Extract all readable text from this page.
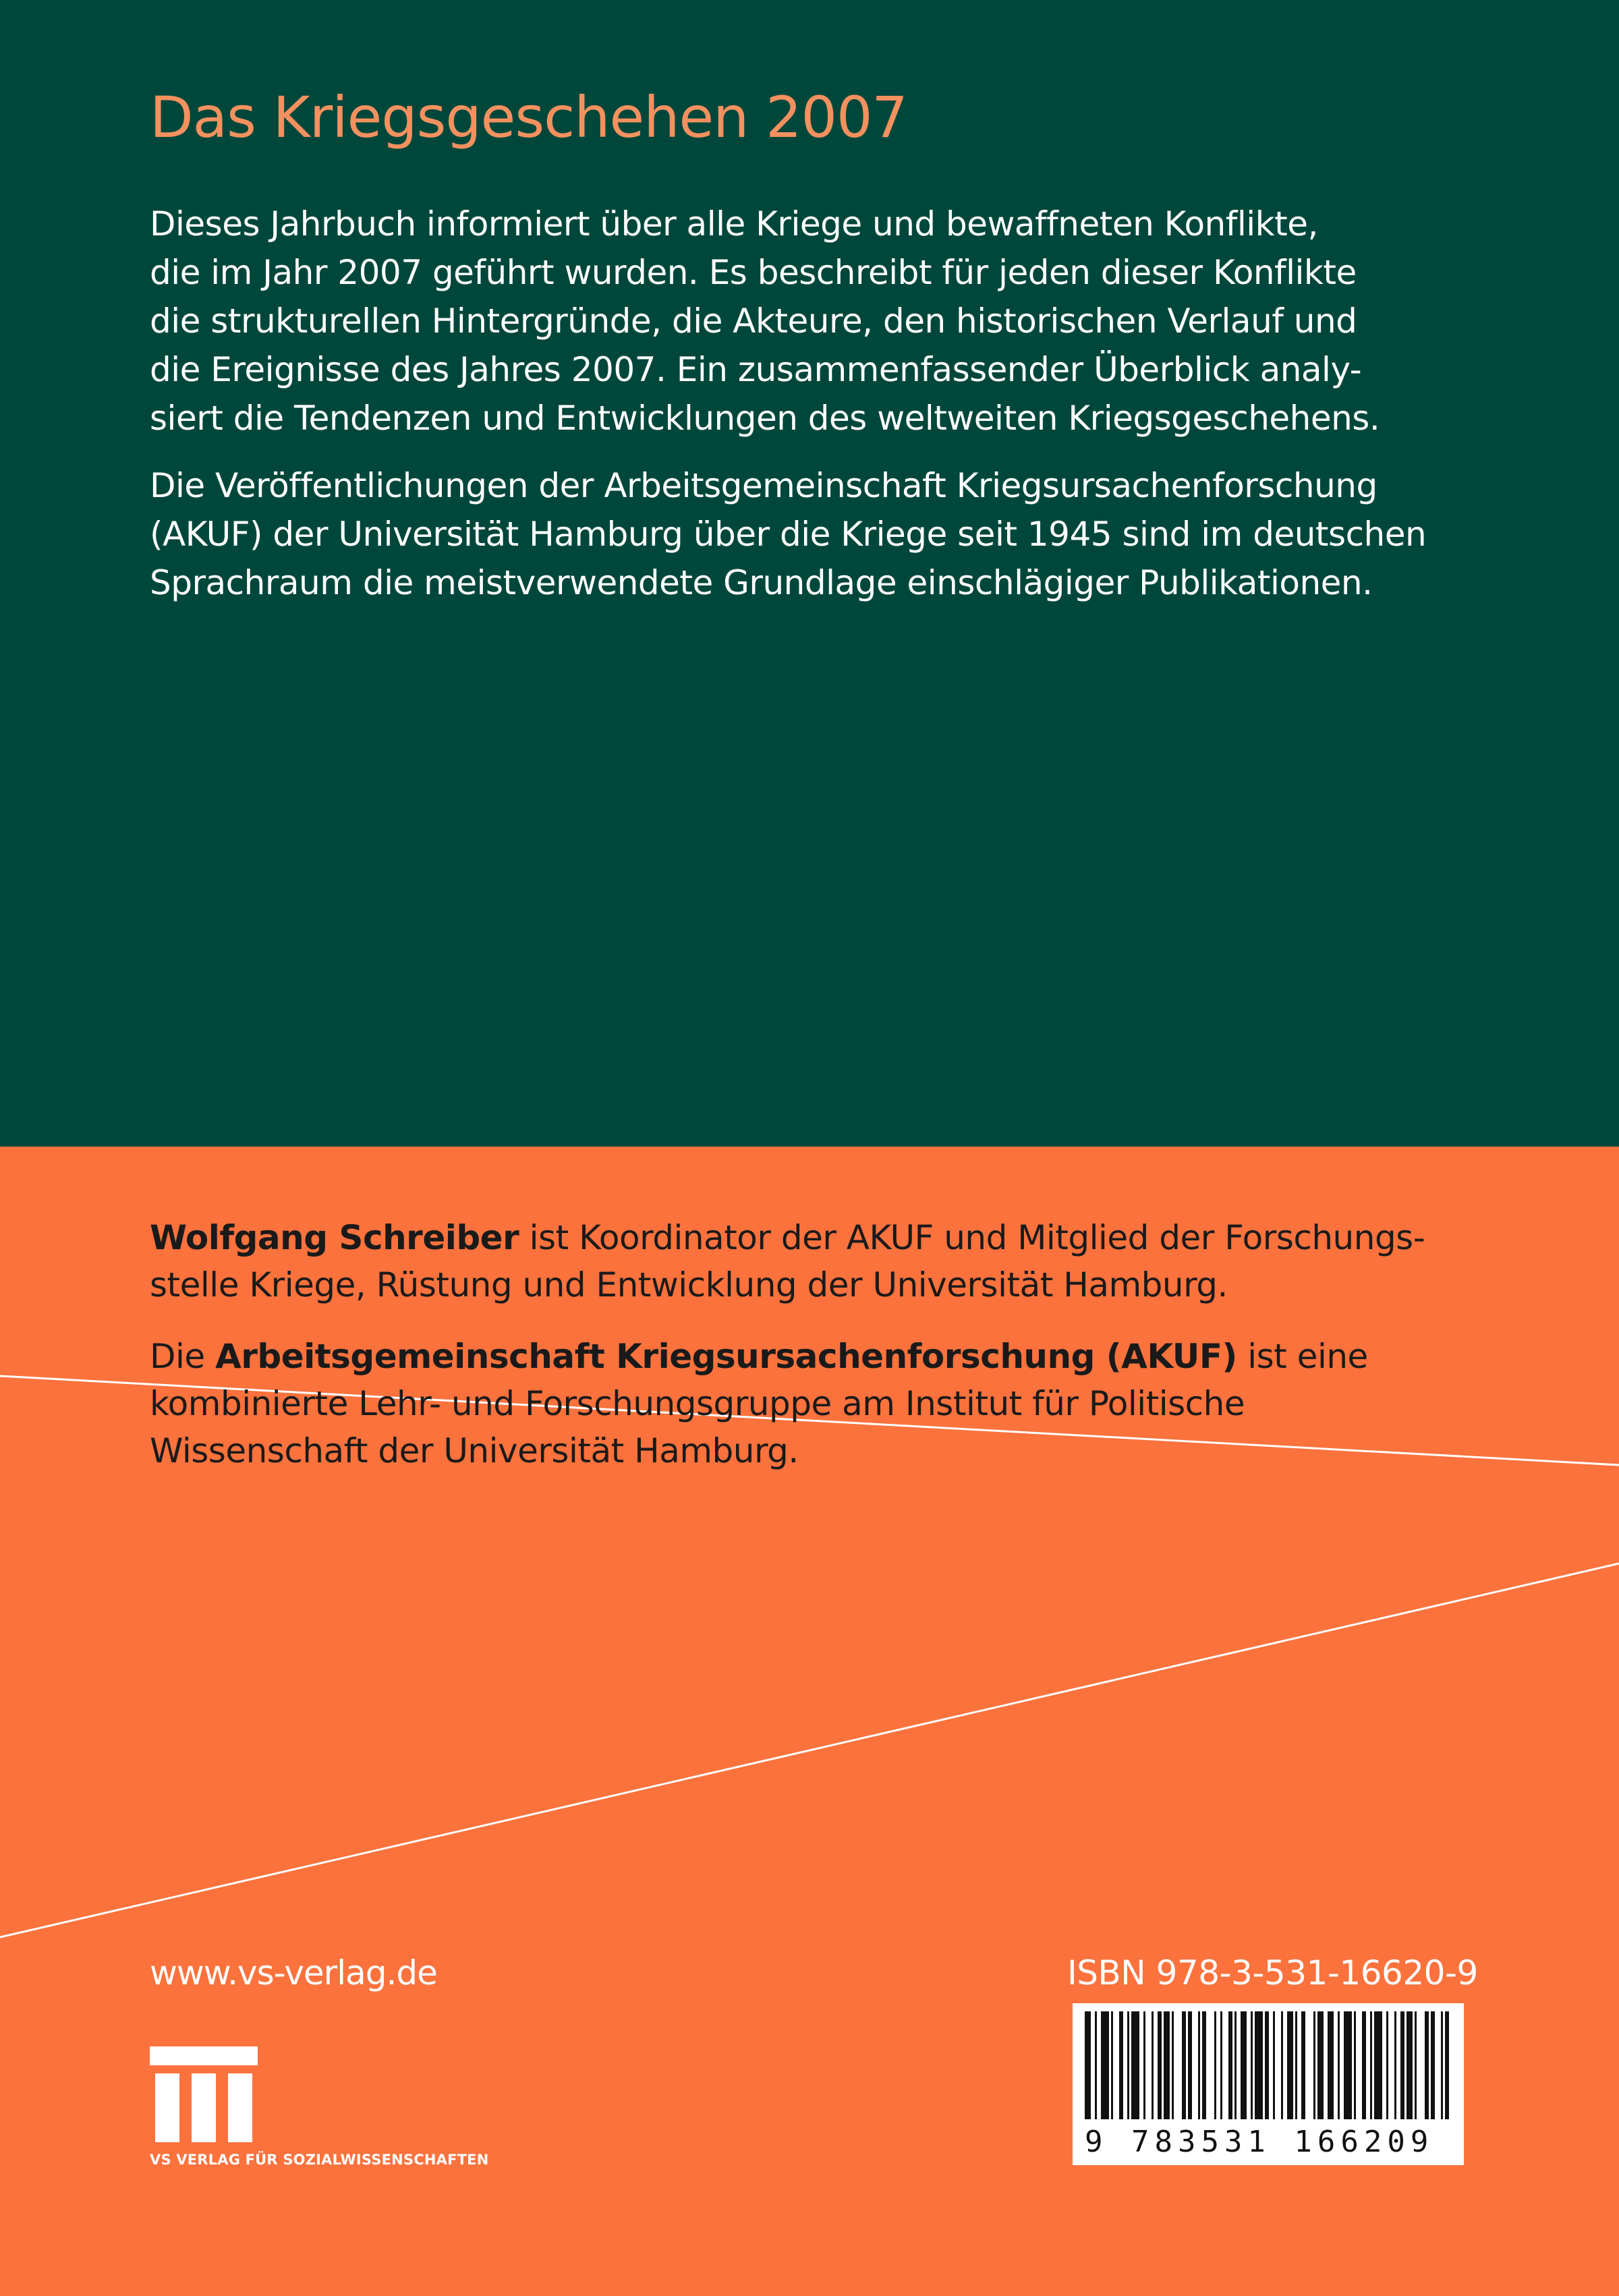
Das Kriegsgeschehen 2007

Dieses Jahrbuch informiert über alle Kriege und bewaffneten Konflikte,
die im Jahr 2007 geführt wurden. Es beschreibt für jeden dieser Konflikte
die strukturellen Hintergründe, die Akteure, den historischen Verlauf und
die Ereignisse des Jahres 2007. Ein zusammenfassender Überblick analy-
siert die Tendenzen und Entwicklungen des weltweiten Kriegsgeschehens.

Die Veröffentlichungen der Arbeitsgemeinschaft Kriegsursachenforschung
(AKUF) der Universität Hamburg über die Kriege seit 1945 sind im deutschen
Sprachraum die meistverwendete Grundlage einschlägiger Publikationen.

Wolfgang Schreiber ist Koordinator der AKUF und Mitglied der Forschungs-
stelle Kriege, Rüstung und Entwicklung der Universität Hamburg.

Die Arbeitsgemeinschaft Kriegsursachenforschung (AKUF) ist eine
kombinierte Lehr- und Forschungsgruppe am Institut für Politische
Wissenschaft der Universität Hamburg.

www.vs-verlag.de	ISBN 978-3-531-16620-9
9 783531 166209
VS VERLAG FÜR SOZIALWISSENSCHAFTEN
